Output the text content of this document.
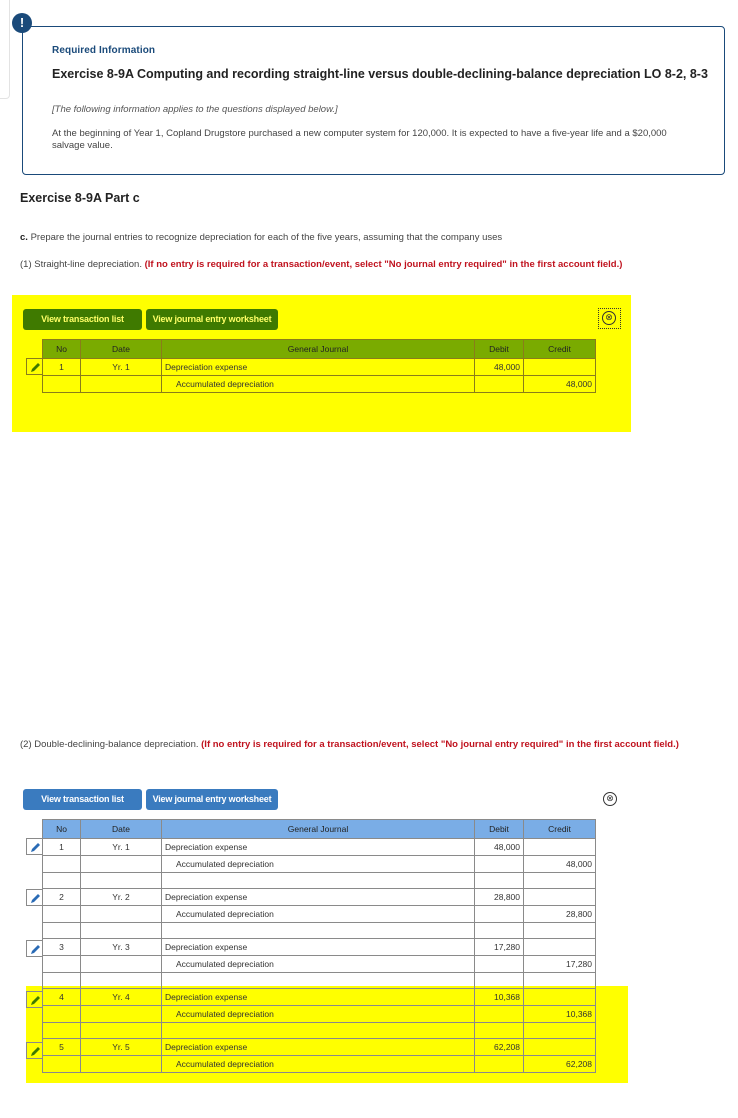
!
Required Information
Exercise 8-9A Computing and recording straight-line versus double-declining-balance depreciation LO 8-2, 8-3
[The following information applies to the questions displayed below.]
At the beginning of Year 1, Copland Drugstore purchased a new computer system for 120,000. It is expected to have a five-year life and a $20,000 salvage value.
Exercise 8-9A Part c
c. Prepare the journal entries to recognize depreciation for each of the five years, assuming that the company uses
(1) Straight-line depreciation. (If no entry is required for a transaction/event, select "No journal entry required" in the first account field.)
View transaction list	View journal entry worksheet	⊗
No	Date	General Journal	Debit	Credit
1	Yr. 1	Depreciation expense	48,000	
		Accumulated depreciation		48,000
(2) Double-declining-balance depreciation. (If no entry is required for a transaction/event, select "No journal entry required" in the first account field.)
View transaction list	View journal entry worksheet	⊗
No	Date	General Journal	Debit	Credit
1	Yr. 1	Depreciation expense	48,000	
		Accumulated depreciation		48,000

2	Yr. 2	Depreciation expense	28,800	
		Accumulated depreciation		28,800

3	Yr. 3	Depreciation expense	17,280	
		Accumulated depreciation		17,280

4	Yr. 4	Depreciation expense	10,368	
		Accumulated depreciation		10,368

5	Yr. 5	Depreciation expense	62,208	
		Accumulated depreciation		62,208
